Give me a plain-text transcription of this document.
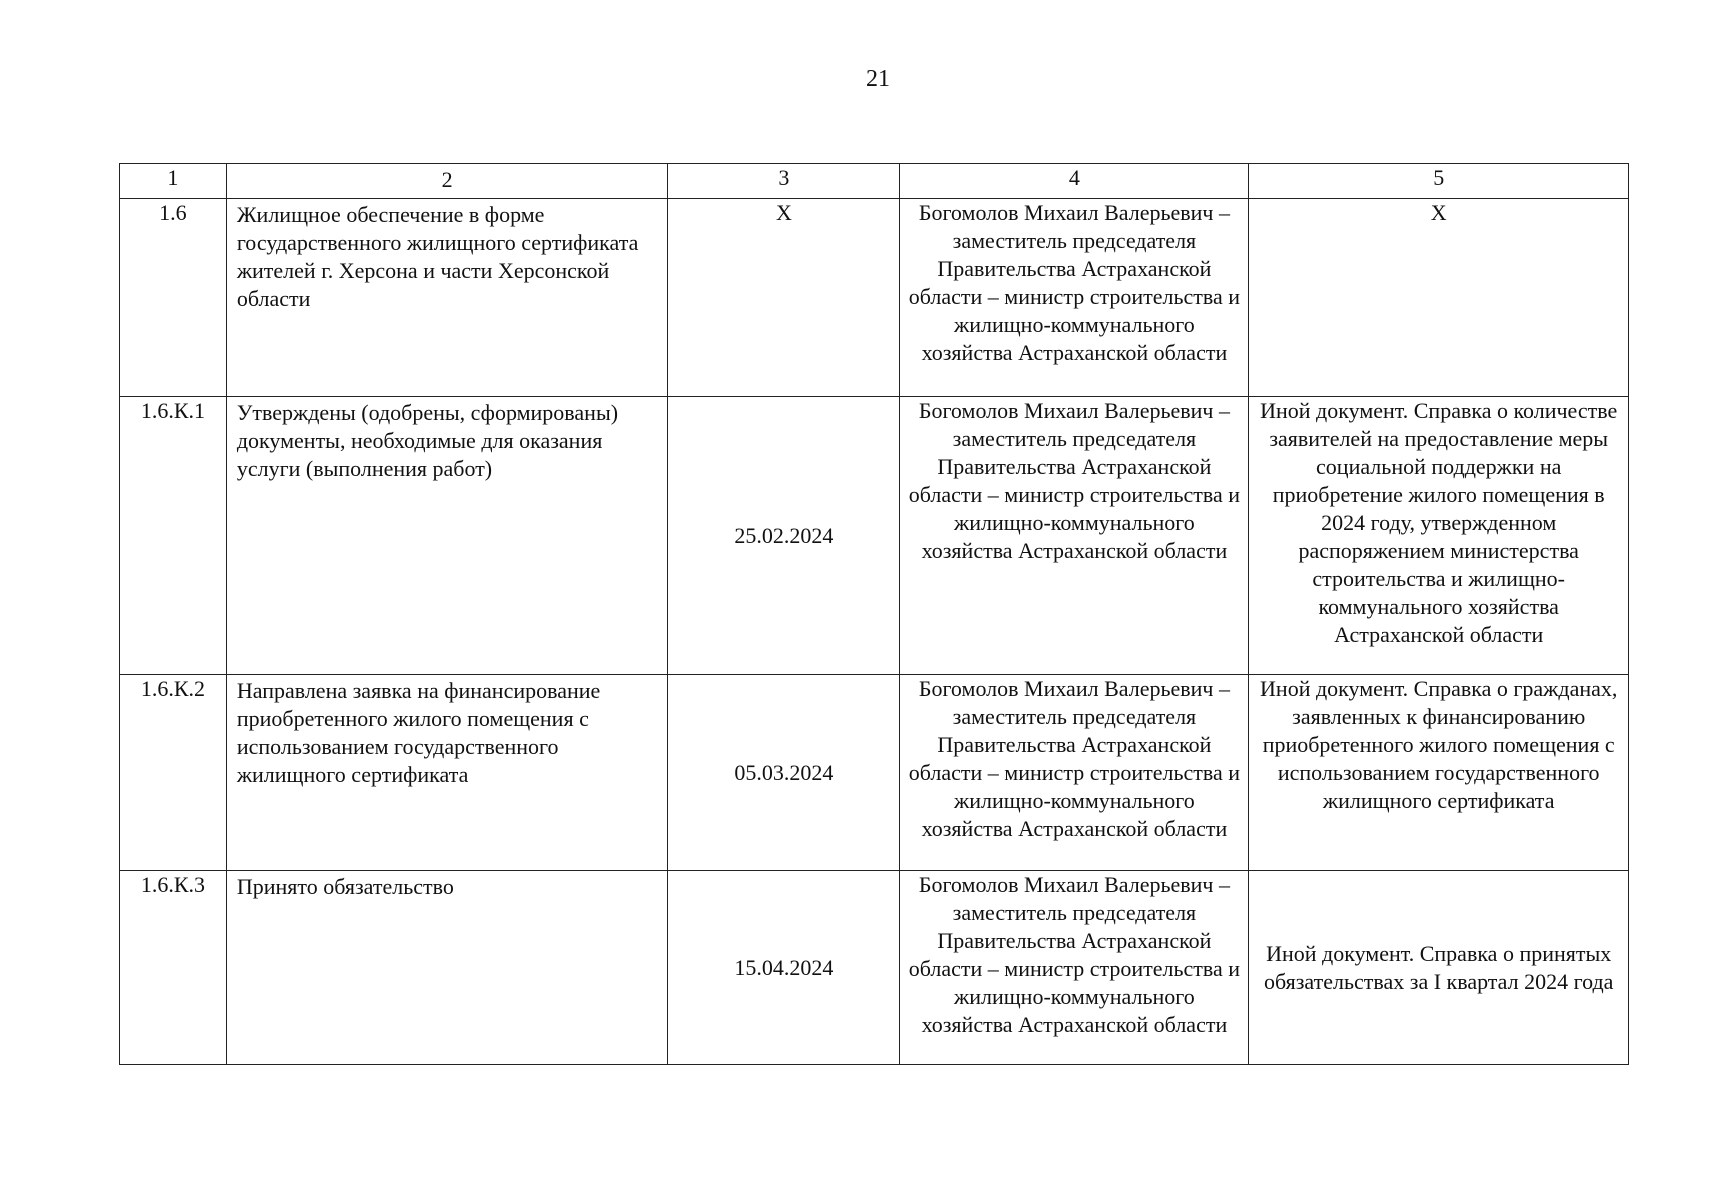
21
1	2	3	4	5
1.6	Жилищное обеспечение в форме государственного жилищного сертификата жителей г. Херсона и части Херсонской области	Х	Богомолов Михаил Валерьевич – заместитель председателя Правительства Астраханской области – министр строительства и жилищно-коммунального хозяйства Астраханской области	Х
1.6.К.1	Утверждены (одобрены, сформированы) документы, необходимые для оказания услуги (выполнения работ)	25.02.2024	Богомолов Михаил Валерьевич – заместитель председателя Правительства Астраханской области – министр строительства и жилищно-коммунального хозяйства Астраханской области	Иной документ. Справка о количестве заявителей на предоставление меры социальной поддержки на приобретение жилого помещения в 2024 году, утвержденном распоряжением министерства строительства и жилищно-коммунального хозяйства Астраханской области
1.6.К.2	Направлена заявка на финансирование приобретенного жилого помещения с использованием государственного жилищного сертификата	05.03.2024	Богомолов Михаил Валерьевич – заместитель председателя Правительства Астраханской области – министр строительства и жилищно-коммунального хозяйства Астраханской области	Иной документ. Справка о гражданах, заявленных к финансированию приобретенного жилого помещения с использованием государственного жилищного сертификата
1.6.К.3	Принято обязательство	15.04.2024	Богомолов Михаил Валерьевич – заместитель председателя Правительства Астраханской области – министр строительства и жилищно-коммунального хозяйства Астраханской области	Иной документ. Справка о принятых обязательствах за I квартал 2024 года
